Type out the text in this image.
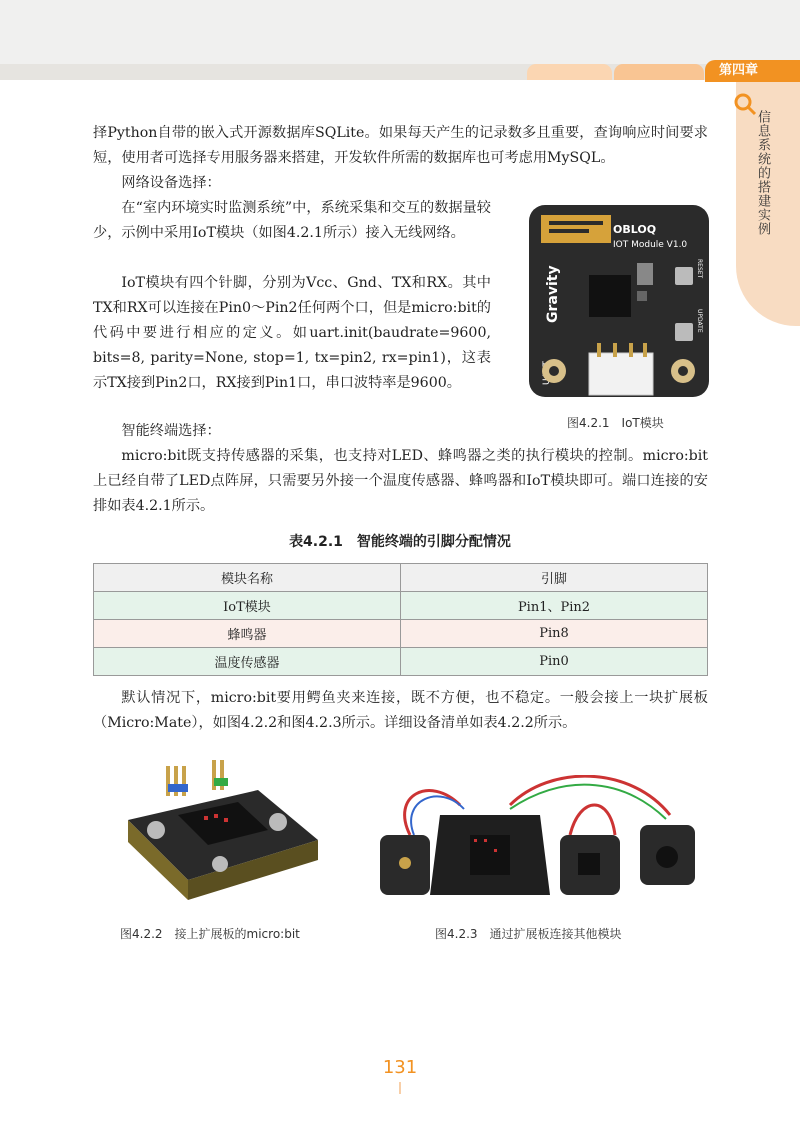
第四章
信息系统的搭建实例

择Python自带的嵌入式开源数据库SQLite。如果每天产生的记录数多且重要，查询响应时间要求短，使用者可选择专用服务器来搭建，开发软件所需的数据库也可考虑用MySQL。

网络设备选择：

在“室内环境实时监测系统”中，系统采集和交互的数据量较少，示例中采用IoT模块（如图4.2.1所示）接入无线网络。

IoT模块有四个针脚，分别为Vcc、Gnd、TX和RX。其中TX和RX可以连接在Pin0～Pin2任何两个口，但是micro:bit的代码中要进行相应的定义。如uart.init(baudrate=9600, bits=8, parity=None, stop=1, tx=pin2, rx=pin1)，这表示TX接到Pin2口，RX接到Pin1口，串口波特率是9600。

智能终端选择：

micro:bit既支持传感器的采集，也支持对LED、蜂鸣器之类的执行模块的控制。micro:bit上已经自带了LED点阵屏，只需要另外接一个温度传感器、蜂鸣器和IoT模块即可。端口连接的安排如表4.2.1所示。

OBLOQ
IOT Module V1.0
RESET
UPDATE
Gravity
图4.2.1　IoT模块
表4.2.1　智能终端的引脚分配情况
模块名称	引脚
IoT模块	Pin1、Pin2
蜂鸣器	Pin8
温度传感器	Pin0

默认情况下，micro:bit要用鳄鱼夹来连接，既不方便，也不稳定。一般会接上一块扩展板（Micro:Mate），如图4.2.2和图4.2.3所示。详细设备清单如表4.2.2所示。

图4.2.2　接上扩展板的micro:bit	图4.2.3　通过扩展板连接其他模块
131
